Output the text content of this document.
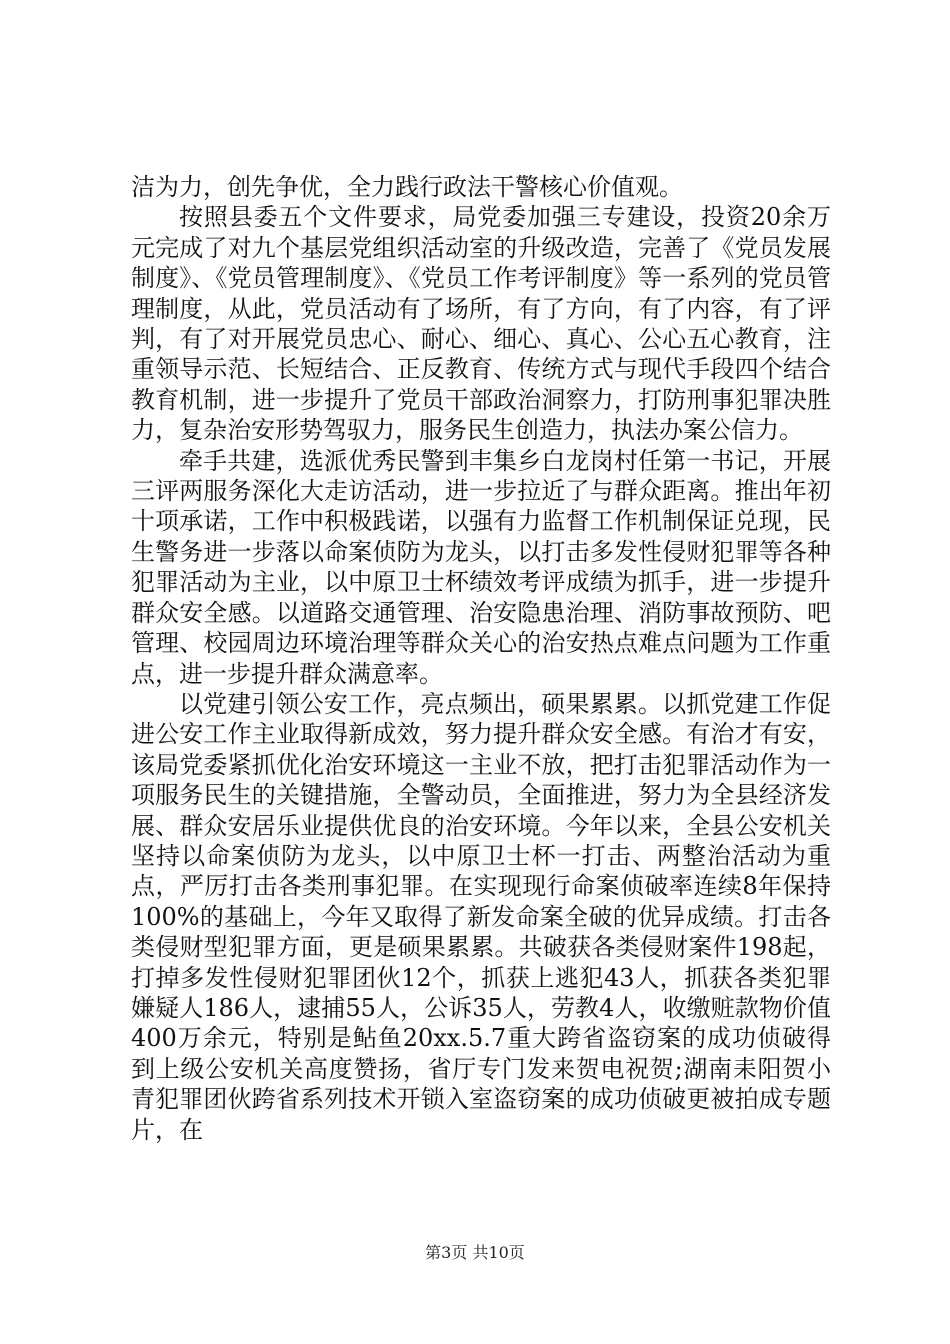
洁为力，创先争优，全力践行政法干警核心价值观。

按照县委五个文件要求，局党委加强三专建设，投资20余万元完成了对九个基层党组织活动室的升级改造，完善了《党员发展制度》、《党员管理制度》、《党员工作考评制度》等一系列的党员管理制度，从此，党员活动有了场所，有了方向，有了内容，有了评判，有了对开展党员忠心、耐心、细心、真心、公心五心教育，注重领导示范、长短结合、正反教育、传统方式与现代手段四个结合教育机制，进一步提升了党员干部政治洞察力，打防刑事犯罪决胜力，复杂治安形势驾驭力，服务民生创造力，执法办案公信力。

牵手共建，选派优秀民警到丰集乡白龙岗村任第一书记，开展三评两服务深化大走访活动，进一步拉近了与群众距离。推出年初十项承诺，工作中积极践诺，以强有力监督工作机制保证兑现，民生警务进一步落以命案侦防为龙头，以打击多发性侵财犯罪等各种犯罪活动为主业，以中原卫士杯绩效考评成绩为抓手，进一步提升群众安全感。以道路交通管理、治安隐患治理、消防事故预防、吧管理、校园周边环境治理等群众关心的治安热点难点问题为工作重点，进一步提升群众满意率。

以党建引领公安工作，亮点频出，硕果累累。以抓党建工作促进公安工作主业取得新成效，努力提升群众安全感。有治才有安，该局党委紧抓优化治安环境这一主业不放，把打击犯罪活动作为一项服务民生的关键措施，全警动员，全面推进，努力为全县经济发展、群众安居乐业提供优良的治安环境。今年以来，全县公安机关坚持以命案侦防为龙头，以中原卫士杯一打击、两整治活动为重点，严厉打击各类刑事犯罪。在实现现行命案侦破率连续8年保持100%的基础上，今年又取得了新发命案全破的优异成绩。打击各类侵财型犯罪方面，更是硕果累累。共破获各类侵财案件198起，打掉多发性侵财犯罪团伙12个，抓获上逃犯43人，抓获各类犯罪嫌疑人186人，逮捕55人，公诉35人，劳教4人，收缴赃款物价值400万余元，特别是鲇鱼20xx.5.7重大跨省盗窃案的成功侦破得到上级公安机关高度赞扬，省厅专门发来贺电祝贺;湖南耒阳贺小青犯罪团伙跨省系列技术开锁入室盗窃案的成功侦破更被拍成专题片，在

第3页 共10页
